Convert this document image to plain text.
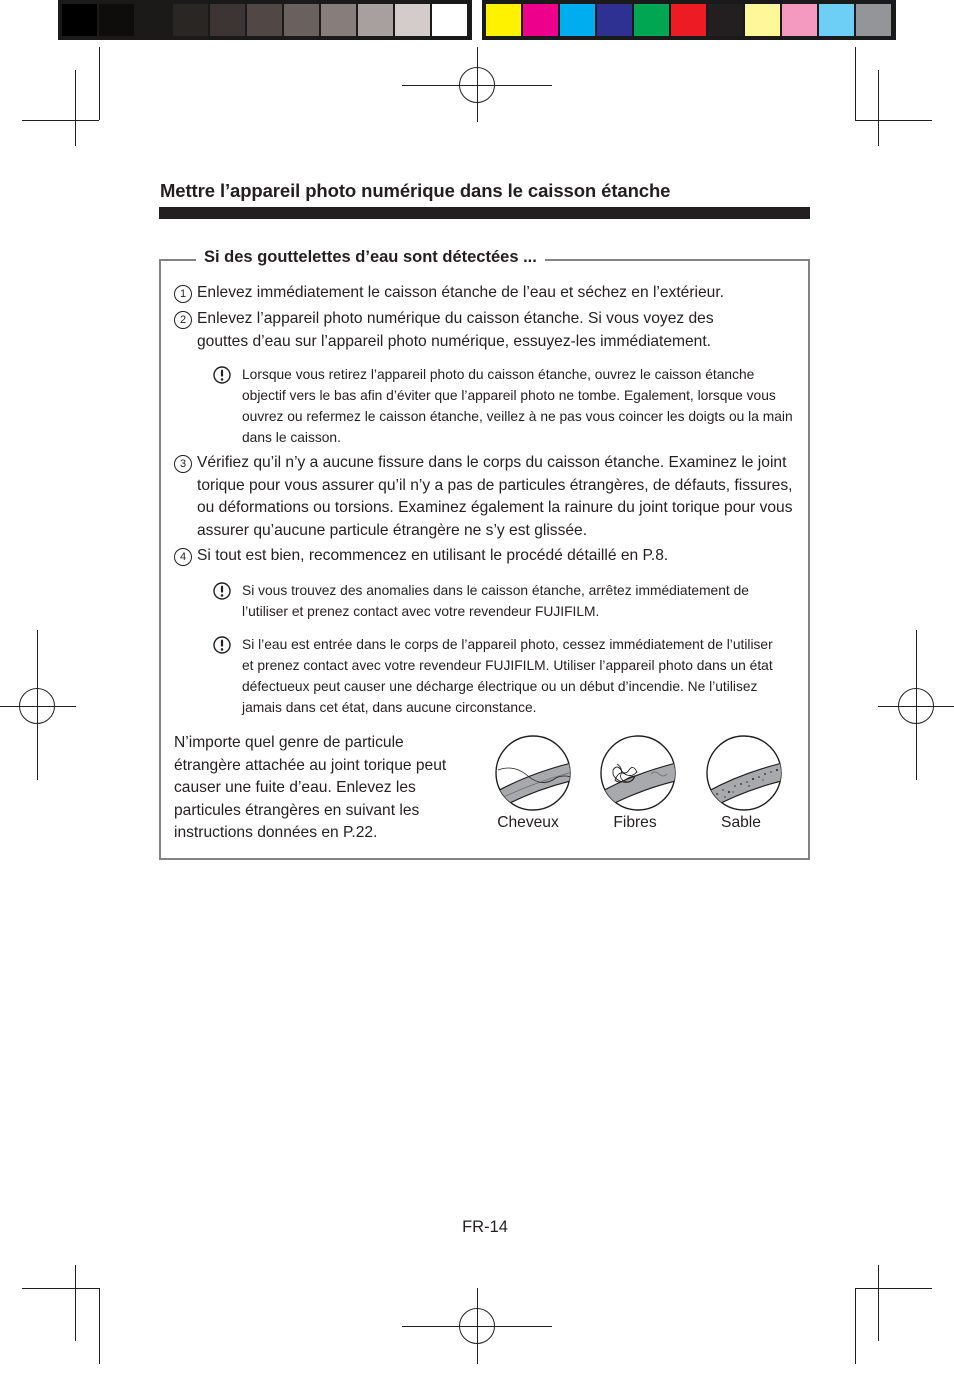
Mettre l’appareil photo numérique dans le caisson étanche
Si des gouttelettes d’eau sont détectées ...
1 Enlevez immédiatement le caisson étanche de l’eau et séchez en l’extérieur.
2 Enlevez l’appareil photo numérique du caisson étanche. Si vous voyez des gouttes d’eau sur l’appareil photo numérique, essuyez-les immédiatement.
Lorsque vous retirez l’appareil photo du caisson étanche, ouvrez le caisson étanche objectif vers le bas afin d’éviter que l’appareil photo ne tombe. Egalement, lorsque vous ouvrez ou refermez le caisson étanche, veillez à ne pas vous coincer les doigts ou la main dans le caisson.
3 Vérifiez qu’il n’y a aucune fissure dans le corps du caisson étanche. Examinez le joint torique pour vous assurer qu’il n’y a pas de particules étrangères, de défauts, fissures, ou déformations ou torsions. Examinez également la rainure du joint torique pour vous assurer qu’aucune particule étrangère ne s’y est glissée.
4 Si tout est bien, recommencez en utilisant le procédé détaillé en P.8.
Si vous trouvez des anomalies dans le caisson étanche, arrêtez immédiatement de l’utiliser et prenez contact avec votre revendeur FUJIFILM.
Si l’eau est entrée dans le corps de l’appareil photo, cessez immédiatement de l’utiliser et prenez contact avec votre revendeur FUJIFILM. Utiliser l’appareil photo dans un état défectueux peut causer une décharge électrique ou un début d’incendie. Ne l’utilisez jamais dans cet état, dans aucune circonstance.
N’importe quel genre de particule étrangère attachée au joint torique peut causer une fuite d’eau. Enlevez les particules étrangères en suivant les instructions données en P.22.
Cheveux	Fibres	Sable
FR-14
